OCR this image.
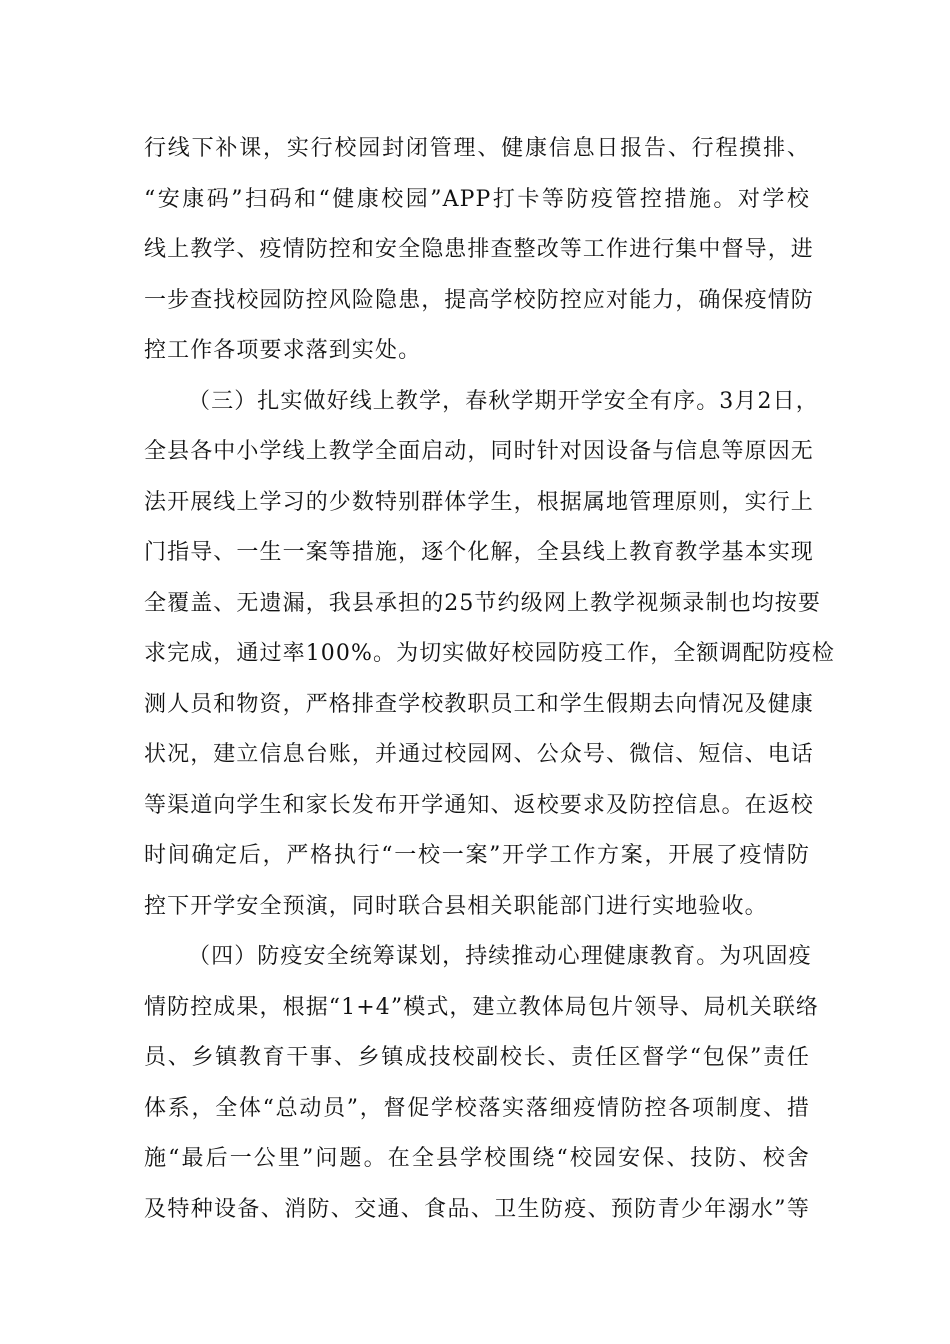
行线下补课，实行校园封闭管理、健康信息日报告、行程摸排、
“安康码”扫码和“健康校园”APP打卡等防疫管控措施。对学校
线上教学、疫情防控和安全隐患排查整改等工作进行集中督导，进
一步查找校园防控风险隐患，提高学校防控应对能力，确保疫情防
控工作各项要求落到实处。
（三）扎实做好线上教学，春秋学期开学安全有序。3月2日，
全县各中小学线上教学全面启动，同时针对因设备与信息等原因无
法开展线上学习的少数特别群体学生，根据属地管理原则，实行上
门指导、一生一案等措施，逐个化解，全县线上教育教学基本实现
全覆盖、无遗漏，我县承担的25节约级网上教学视频录制也均按要
求完成，通过率100%。为切实做好校园防疫工作，全额调配防疫检
测人员和物资，严格排查学校教职员工和学生假期去向情况及健康
状况，建立信息台账，并通过校园网、公众号、微信、短信、电话
等渠道向学生和家长发布开学通知、返校要求及防控信息。在返校
时间确定后，严格执行“一校一案”开学工作方案，开展了疫情防
控下开学安全预演，同时联合县相关职能部门进行实地验收。
（四）防疫安全统筹谋划，持续推动心理健康教育。为巩固疫
情防控成果，根据“1+4”模式，建立教体局包片领导、局机关联络
员、乡镇教育干事、乡镇成技校副校长、责任区督学“包保”责任
体系，全体“总动员”，督促学校落实落细疫情防控各项制度、措
施“最后一公里”问题。在全县学校围绕“校园安保、技防、校舍
及特种设备、消防、交通、食品、卫生防疫、预防青少年溺水”等
